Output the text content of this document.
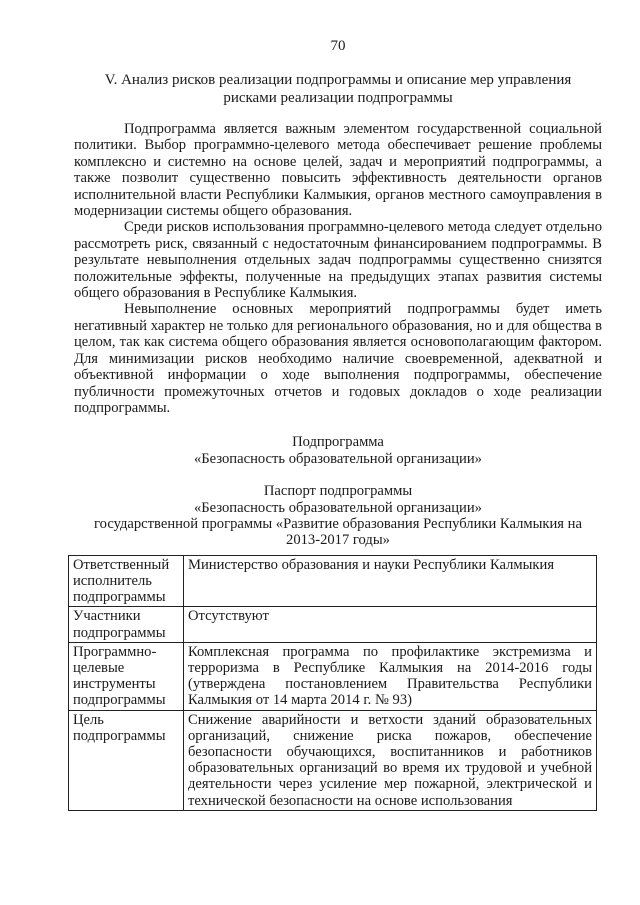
70
V. Анализ рисков реализации подпрограммы и описание мер управления
рисками реализации подпрограммы

Подпрограмма является важным элементом государственной социальной политики. Выбор программно-целевого метода обеспечивает решение проблемы комплексно и системно на основе целей, задач и мероприятий подпрограммы, а также позволит существенно повысить эффективность деятельности органов исполнительной власти Республики Калмыкия, органов местного самоуправления в модернизации системы общего образования.

Среди рисков использования программно-целевого метода следует отдельно рассмотреть риск, связанный с недостаточным финансированием подпрограммы. В результате невыполнения отдельных задач подпрограммы существенно снизятся положительные эффекты, полученные на предыдущих этапах развития системы общего образования в Республике Калмыкия.

Невыполнение основных мероприятий подпрограммы будет иметь негативный характер не только для регионального образования, но и для общества в целом, так как система общего образования является основополагающим фактором. Для минимизации рисков необходимо наличие своевременной, адекватной и объективной информации о ходе выполнения подпрограммы, обеспечение публичности промежуточных отчетов и годовых докладов о ходе реализации подпрограммы.

Подпрограмма
«Безопасность образовательной организации»
Паспорт подпрограммы
«Безопасность образовательной организации»
государственной программы «Развитие образования Республики Калмыкия на
2013-2017 годы»
Ответственный исполнитель подпрограммы	Министерство образования и науки Республики Калмыкия
Участники подпрограммы	Отсутствуют
Программно-целевые инструменты подпрограммы	Комплексная программа по профилактике экстремизма и терроризма в Республике Калмыкия на 2014-2016 годы (утверждена постановлением Правительства Республики Калмыкия от 14 марта 2014 г. № 93)
Цель подпрограммы	Снижение аварийности и ветхости зданий образовательных организаций, снижение риска пожаров, обеспечение безопасности обучающихся, воспитанников и работников образовательных организаций во время их трудовой и учебной деятельности через усиление мер пожарной, электрической и технической безопасности на основе использования
